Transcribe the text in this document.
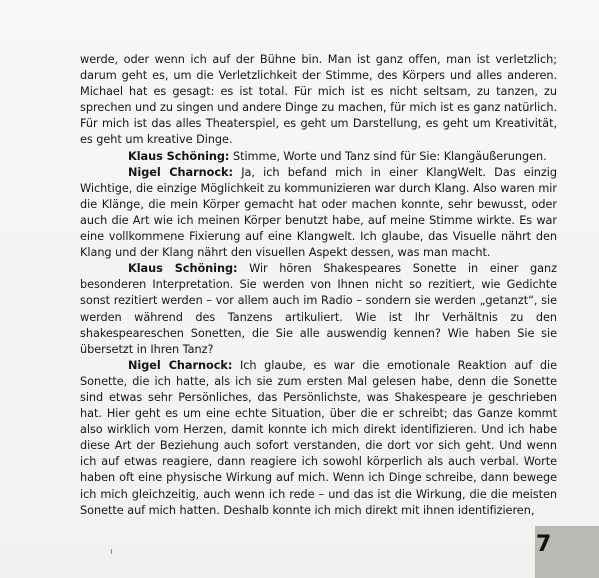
werde, oder wenn ich auf der Bühne bin. Man ist ganz offen, man ist verletzlich; darum geht es, um die Verletzlichkeit der Stimme, des Körpers und alles anderen. Michael hat es gesagt: es ist total. Für mich ist es nicht seltsam, zu tanzen, zu sprechen und zu singen und andere Dinge zu machen, für mich ist es ganz natürlich. Für mich ist das alles Theaterspiel, es geht um Darstellung, es geht um Kreativität, es geht um kreative Dinge.

Klaus Schöning: Stimme, Worte und Tanz sind für Sie: Klangäußerungen.

Nigel Charnock: Ja, ich befand mich in einer KlangWelt. Das einzig Wichtige, die einzige Möglichkeit zu kommunizieren war durch Klang. Also waren mir die Klänge, die mein Körper gemacht hat oder machen konnte, sehr bewusst, oder auch die Art wie ich meinen Körper benutzt habe, auf meine Stimme wirkte. Es war eine vollkommene Fixierung auf eine Klangwelt. Ich glaube, das Visuelle nährt den Klang und der Klang nährt den visuellen Aspekt dessen, was man macht.

Klaus Schöning: Wir hören Shakespeares Sonette in einer ganz besonderen Interpretation. Sie werden von Ihnen nicht so rezitiert, wie Gedichte sonst rezitiert werden – vor allem auch im Radio – sondern sie werden „getanzt“, sie werden während des Tanzens artikuliert. Wie ist Ihr Verhältnis zu den shakespeareschen Sonetten, die Sie alle auswendig kennen? Wie haben Sie sie übersetzt in Ihren Tanz?

Nigel Charnock: Ich glaube, es war die emotionale Reaktion auf die Sonette, die ich hatte, als ich sie zum ersten Mal gelesen habe, denn die Sonette sind etwas sehr Persönliches, das Persönlichste, was Shakespeare je geschrieben hat. Hier geht es um eine echte Situation, über die er schreibt; das Ganze kommt also wirklich vom Herzen, damit konnte ich mich direkt identifizieren. Und ich habe diese Art der Beziehung auch sofort verstanden, die dort vor sich geht. Und wenn ich auf etwas reagiere, dann reagiere ich sowohl körperlich als auch verbal. Worte haben oft eine physische Wirkung auf mich. Wenn ich Dinge schreibe, dann bewege ich mich gleichzeitig, auch wenn ich rede – und das ist die Wirkung, die die meisten Sonette auf mich hatten. Deshalb konnte ich mich direkt mit ihnen identifizieren,

7
